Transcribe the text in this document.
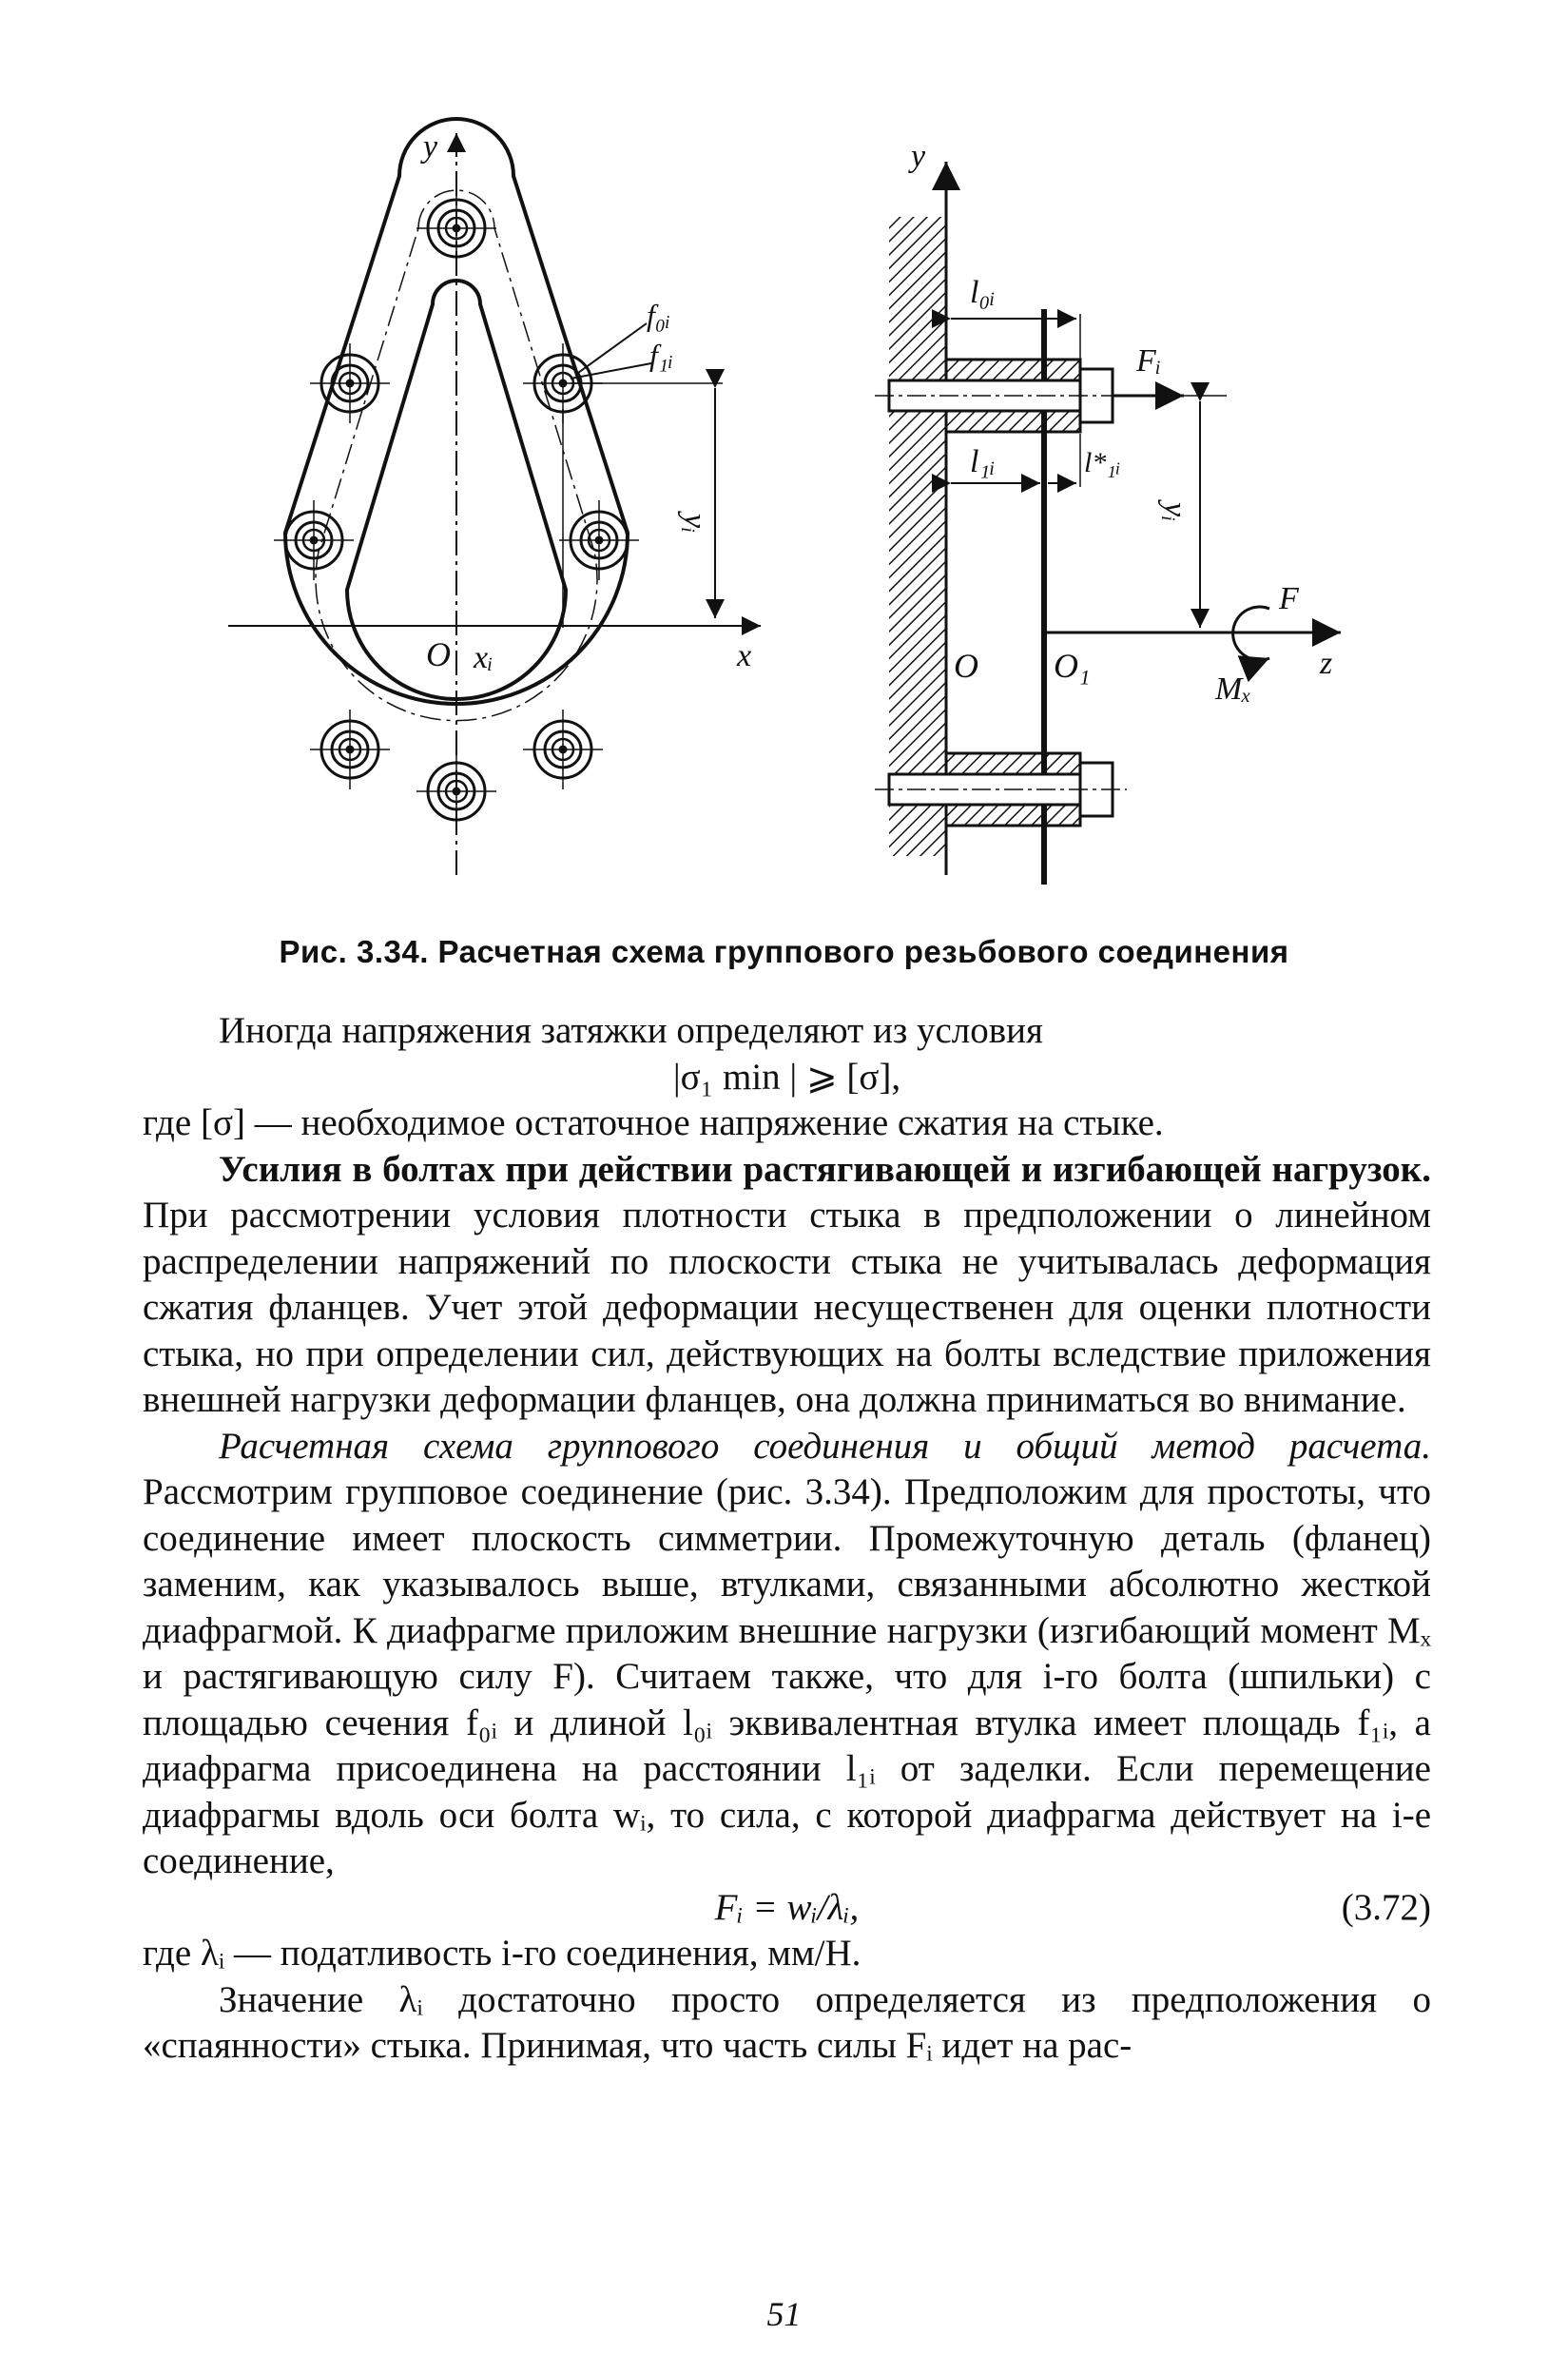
y
f₀ᵢ
f₁ᵢ
yᵢ
O xᵢ	x
y
l₀ᵢ
Fᵢ
l₁ᵢ	l*₁ᵢ
yᵢ
F
O O₁
Mₓ
z
Рис. 3.34. Расчетная схема группового резьбового соединения

Иногда напряжения затяжки определяют из условия

|σ₁ min | ⩾ [σ],

где [σ] — необходимое остаточное напряжение сжатия на стыке.

Усилия в болтах при действии растягивающей и изгибающей нагрузок. При рассмотрении условия плотности стыка в предположении о линейном распределении напряжений по плоскости стыка не учитывалась деформация сжатия фланцев. Учет этой деформации несущественен для оценки плотности стыка, но при определении сил, действующих на болты вследствие приложения внешней нагрузки деформации фланцев, она должна приниматься во внимание.

Расчетная схема группового соединения и общий метод расчета. Рассмотрим групповое соединение (рис. 3.34). Предположим для простоты, что соединение имеет плоскость симметрии. Промежуточную деталь (фланец) заменим, как указывалось выше, втулками, связанными абсолютно жесткой диафрагмой. К диафрагме приложим внешние нагрузки (изгибающий момент Mₓ и растягивающую силу F). Считаем также, что для i-го болта (шпильки) с площадью сечения f₀ᵢ и длиной l₀ᵢ эквивалентная втулка имеет площадь f₁ᵢ, а диафрагма присоединена на расстоянии l₁ᵢ от заделки. Если перемещение диафрагмы вдоль оси болта wᵢ, то сила, с которой диафрагма действует на i-е соединение,

Fᵢ = wᵢ/λᵢ,	(3.72)

где λᵢ — податливость i-го соединения, мм/Н.

Значение λᵢ достаточно просто определяется из предположения о «спаянности» стыка. Принимая, что часть силы Fᵢ идет на рас-

51
